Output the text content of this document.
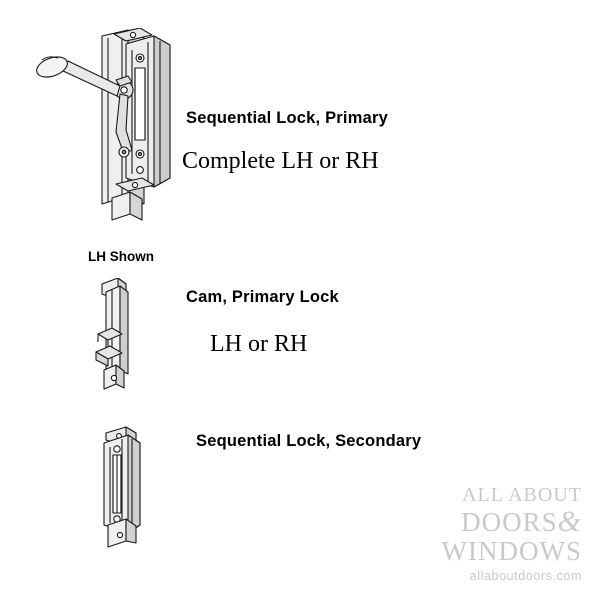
Sequential Lock, Primary
Complete LH or RH
LH Shown
Cam, Primary Lock
LH or RH
Sequential Lock, Secondary
ALL ABOUT
DOORS&
WINDOWS
allaboutdoors.com
